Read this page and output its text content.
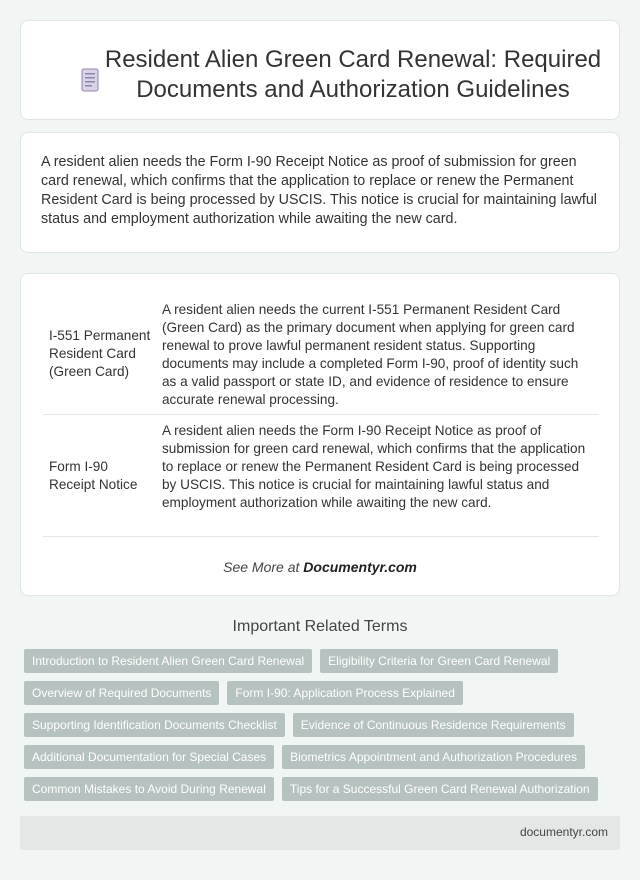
Resident Alien Green Card Renewal: Required Documents and Authorization Guidelines

A resident alien needs the Form I-90 Receipt Notice as proof of submission for green card renewal, which confirms that the application to replace or renew the Permanent Resident Card is being processed by USCIS. This notice is crucial for maintaining lawful status and employment authorization while awaiting the new card.

I-551 Permanent Resident Card (Green Card)
A resident alien needs the current I-551 Permanent Resident Card (Green Card) as the primary document when applying for green card renewal to prove lawful permanent resident status. Supporting documents may include a completed Form I-90, proof of identity such as a valid passport or state ID, and evidence of residence to ensure accurate renewal processing.
Form I-90 Receipt Notice
A resident alien needs the Form I-90 Receipt Notice as proof of submission for green card renewal, which confirms that the application to replace or renew the Permanent Resident Card is being processed by USCIS. This notice is crucial for maintaining lawful status and employment authorization while awaiting the new card.
See More at Documentyr.com
Important Related Terms
Introduction to Resident Alien Green Card Renewal	Eligibility Criteria for Green Card Renewal
Overview of Required Documents	Form I-90: Application Process Explained
Supporting Identification Documents Checklist	Evidence of Continuous Residence Requirements
Additional Documentation for Special Cases	Biometrics Appointment and Authorization Procedures
Common Mistakes to Avoid During Renewal	Tips for a Successful Green Card Renewal Authorization
documentyr.com
